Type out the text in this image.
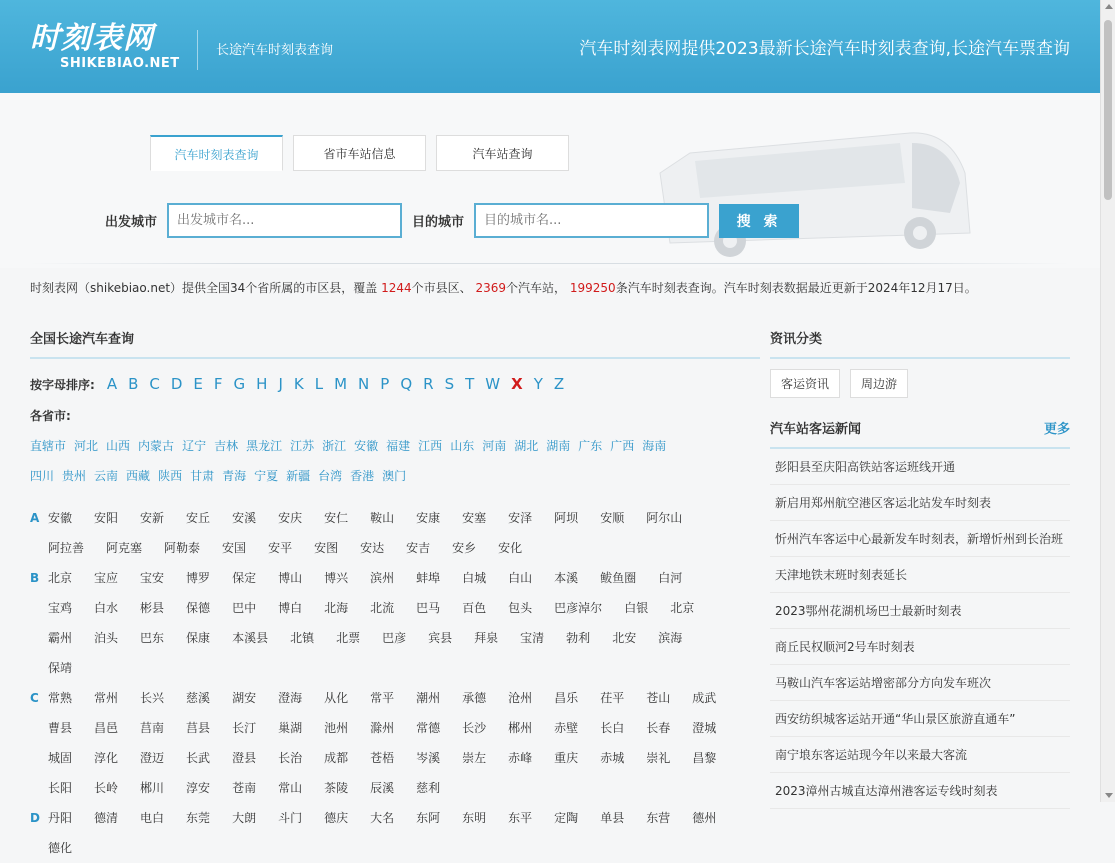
时刻表网
SHIKEBIAO.NET
长途汽车时刻表查询	汽车时刻表网提供2023最新长途汽车时刻表查询,长途汽车票查询
汽车时刻表查询	省市车站信息	汽车站查询
出发城市
出发城市名...	目的城市
目的城市名...	搜 索
时刻表网（shikebiao.net）提供全国34个省所属的市区县，覆盖 1244个市县区、 2369个汽车站， 199250条汽车时刻表查询。汽车时刻表数据最近更新于2024年12月17日。
全国长途汽车查询
按字母排序: A B C D E F G H J K L M N P Q R S T W X Y Z
各省市:
直辖市 河北 山西 内蒙古 辽宁 吉林 黑龙江 江苏 浙江 安徽 福建 江西 山东 河南 湖北 湖南 广东 广西 海南
四川 贵州 云南 西藏 陕西 甘肃 青海 宁夏 新疆 台湾 香港 澳门
A 安徽 安阳 安新 安丘 安溪 安庆 安仁 鞍山 安康 安塞 安泽 阿坝 安顺 阿尔山
阿拉善 阿克塞 阿勒泰 安国 安平 安图 安达 安吉 安乡 安化
B 北京 宝应 宝安 博罗 保定 博山 博兴 滨州 蚌埠 白城 白山 本溪 鲅鱼圈 白河
宝鸡 白水 彬县 保德 巴中 博白 北海 北流 巴马 百色 包头 巴彦淖尔 白银 北京
霸州 泊头 巴东 保康 本溪县 北镇 北票 巴彦 宾县 拜泉 宝清 勃利 北安 滨海
保靖
C 常熟 常州 长兴 慈溪 湖安 澄海 从化 常平 潮州 承德 沧州 昌乐 茌平 苍山 成武
曹县 昌邑 莒南 莒县 长汀 巢湖 池州 滁州 常德 长沙 郴州 赤壁 长白 长春 澄城
城固 淳化 澄迈 长武 澄县 长治 成都 苍梧 岑溪 崇左 赤峰 重庆 赤城 崇礼 昌黎
长阳 长岭 郴川 淳安 苍南 常山 茶陵 辰溪 慈利
D 丹阳 德清 电白 东莞 大朗 斗门 德庆 大名 东阿 东明 东平 定陶 单县 东营 德州
德化
资讯分类
客运资讯	周边游
汽车站客运新闻	更多
彭阳县至庆阳高铁站客运班线开通
新启用郑州航空港区客运北站发车时刻表
忻州汽车客运中心最新发车时刻表，新增忻州到长治班
天津地铁末班时刻表延长
2023鄂州花湖机场巴士最新时刻表
商丘民权顺河2号车时刻表
马鞍山汽车客运站增密部分方向发车班次
西安纺织城客运站开通“华山景区旅游直通车”
南宁埌东客运站现今年以来最大客流
2023漳州古城直达漳州港客运专线时刻表
